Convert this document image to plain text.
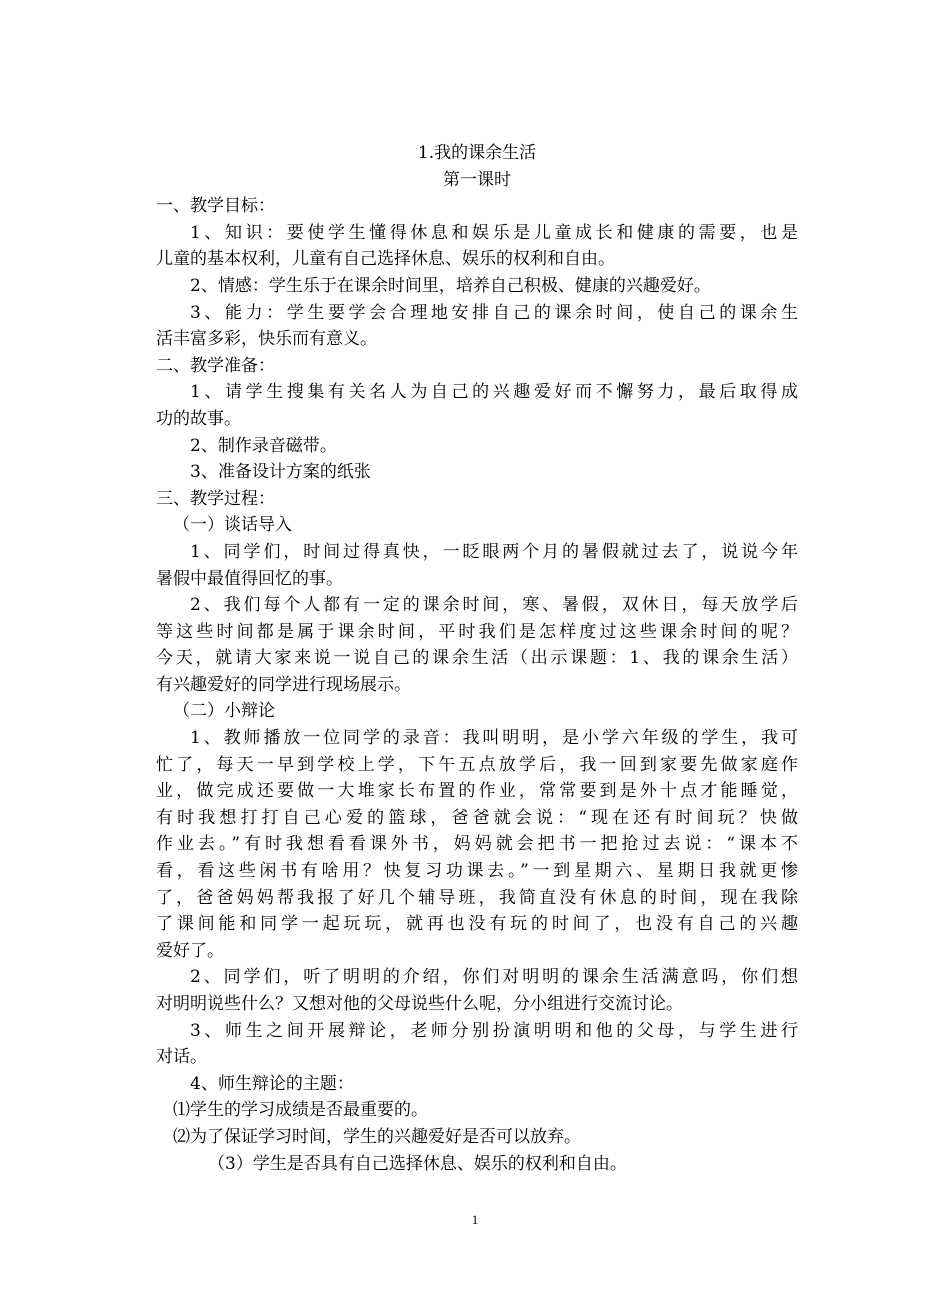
1.我的课余生活
第一课时
一、教学目标：
1、知识：要使学生懂得休息和娱乐是儿童成长和健康的需要，也是
儿童的基本权利，儿童有自己选择休息、娱乐的权利和自由。
2、情感：学生乐于在课余时间里，培养自己积极、健康的兴趣爱好。
3、能力：学生要学会合理地安排自己的课余时间，使自己的课余生
活丰富多彩，快乐而有意义。
二、教学准备：
1、请学生搜集有关名人为自己的兴趣爱好而不懈努力，最后取得成
功的故事。
2、制作录音磁带。
3、准备设计方案的纸张
三、教学过程：
（一）谈话导入
1、同学们，时间过得真快，一眨眼两个月的暑假就过去了，说说今年
暑假中最值得回忆的事。
2、我们每个人都有一定的课余时间，寒、暑假，双休日，每天放学后
等这些时间都是属于课余时间，平时我们是怎样度过这些课余时间的呢？
今天，就请大家来说一说自己的课余生活（出示课题：1、我的课余生活）
有兴趣爱好的同学进行现场展示。
（二）小辩论
1、教师播放一位同学的录音：我叫明明，是小学六年级的学生，我可
忙了，每天一早到学校上学，下午五点放学后，我一回到家要先做家庭作
业，做完成还要做一大堆家长布置的作业，常常要到是外十点才能睡觉，
有时我想打打自己心爱的篮球，爸爸就会说：“现在还有时间玩？快做
作业去。”有时我想看看课外书，妈妈就会把书一把抢过去说：“课本不
看，看这些闲书有啥用？快复习功课去。”一到星期六、星期日我就更惨
了，爸爸妈妈帮我报了好几个辅导班，我简直没有休息的时间，现在我除
了课间能和同学一起玩玩，就再也没有玩的时间了，也没有自己的兴趣
爱好了。
2、同学们，听了明明的介绍，你们对明明的课余生活满意吗，你们想
对明明说些什么？又想对他的父母说些什么呢，分小组进行交流讨论。
3、师生之间开展辩论，老师分别扮演明明和他的父母，与学生进行
对话。
4、师生辩论的主题：
⑴学生的学习成绩是否最重要的。
⑵为了保证学习时间，学生的兴趣爱好是否可以放弃。
（3）学生是否具有自己选择休息、娱乐的权利和自由。
1
